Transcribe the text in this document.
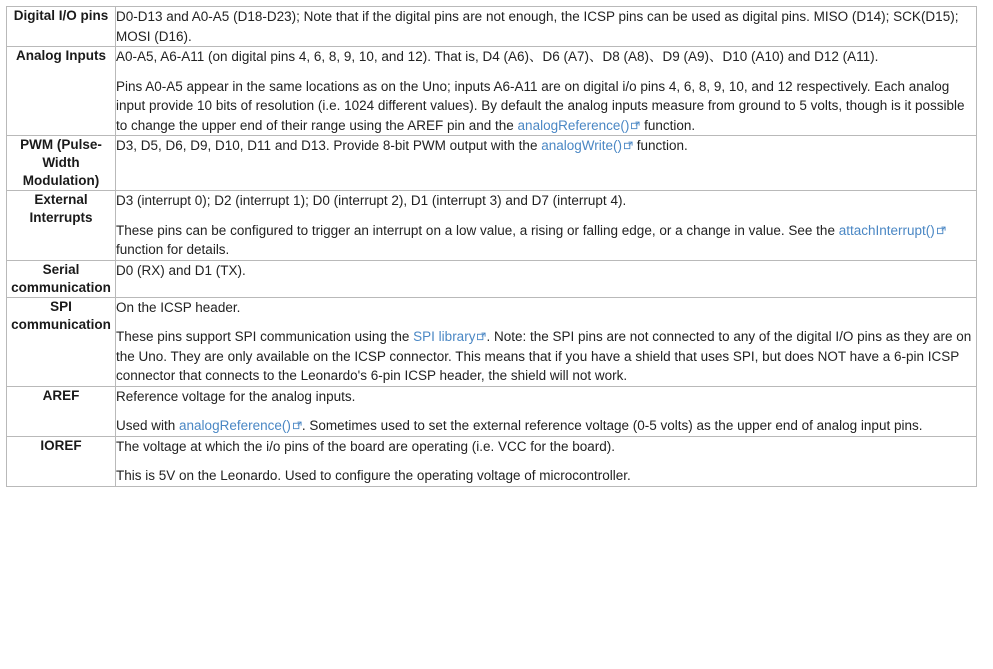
Digital I/O pins	D0-D13 and A0-A5 (D18-D23); Note that if the digital pins are not enough, the ICSP pins can be used as digital pins. MISO (D14); SCK(D15); MOSI (D16).

Analog Inputs	A0-A5, A6-A11 (on digital pins 4, 6, 8, 9, 10, and 12). That is, D4 (A6)、D6 (A7)、D8 (A8)、D9 (A9)、D10 (A10) and D12 (A11).

Pins A0-A5 appear in the same locations as on the Uno; inputs A6-A11 are on digital i/o pins 4, 6, 8, 9, 10, and 12 respectively. Each analog input provide 10 bits of resolution (i.e. 1024 different values). By default the analog inputs measure from ground to 5 volts, though is it possible to change the upper end of their range using the AREF pin and the analogReference()
function.

PWM (Pulse-Width Modulation)	D3, D5, D6, D9, D10, D11 and D13. Provide 8-bit PWM output with the analogWrite()
function.

External Interrupts	D3 (interrupt 0); D2 (interrupt 1); D0 (interrupt 2), D1 (interrupt 3) and D7 (interrupt 4).

These pins can be configured to trigger an interrupt on a low value, a rising or falling edge, or a change in value. See the attachInterrupt()
function for details.

Serial communication	D0 (RX) and D1 (TX).

SPI communication	On the ICSP header.

These pins support SPI communication using the SPI library . Note: the SPI pins are not connected to any of the digital I/O pins as they are on the Uno. They are only available on the ICSP connector. This means that if you have a shield that uses SPI, but does NOT have a 6-pin ICSP connector that connects to the Leonardo's 6-pin ICSP header, the shield will not work.

AREF	Reference voltage for the analog inputs.

Used with analogReference() . Sometimes used to set the external reference voltage (0-5 volts) as the upper end of analog input pins.

IOREF	The voltage at which the i/o pins of the board are operating (i.e. VCC for the board).

This is 5V on the Leonardo. Used to configure the operating voltage of microcontroller.
